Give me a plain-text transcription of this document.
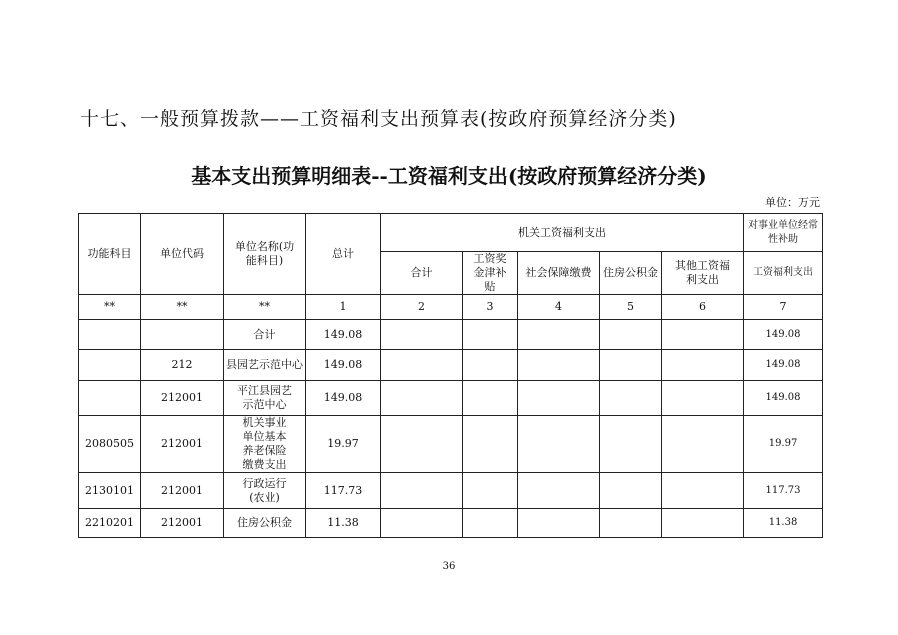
十七、一般预算拨款——工资福利支出预算表(按政府预算经济分类)
基本支出预算明细表--工资福利支出(按政府预算经济分类)
单位：万元
功能科目	单位代码	单位名称(功能科目)	总计	机关工资福利支出					对事业单位经常性补助
				合计	工资奖金津补贴	社会保障缴费	住房公积金	其他工资福利支出	工资福利支出
**	**	**	1	2	3	4	5	6	7
		合计	149.08						149.08
	212	县园艺示范中心	149.08						149.08
	212001	平江县园艺示范中心	149.08						149.08
2080505	212001	机关事业单位基本养老保险缴费支出	19.97						19.97
2130101	212001	行政运行(农业)	117.73						117.73
2210201	212001	住房公积金	11.38						11.38
36
